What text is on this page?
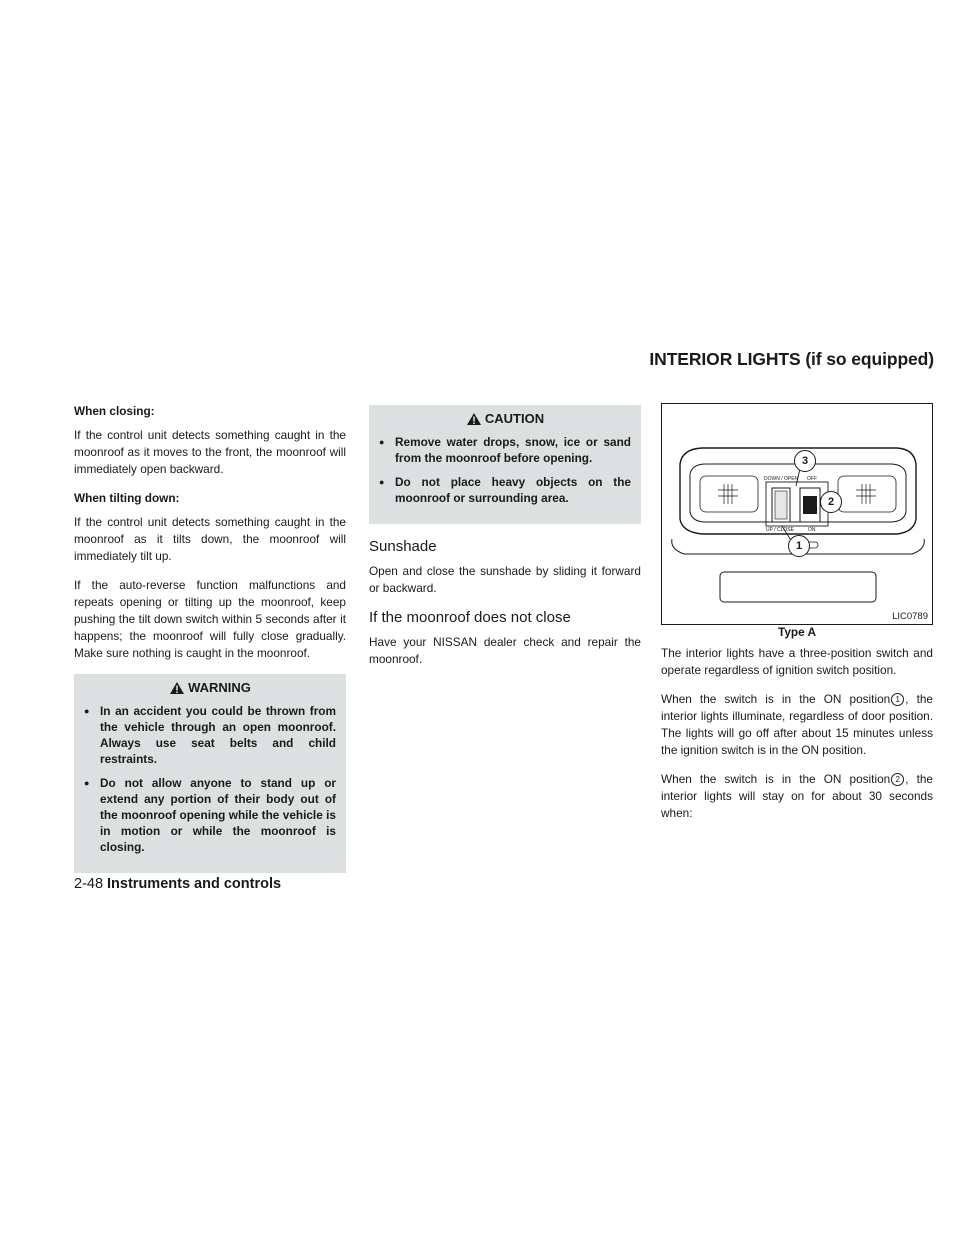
INTERIOR LIGHTS (if so equipped)
When closing:

If the control unit detects something caught in the moonroof as it moves to the front, the moonroof will immediately open backward.

When tilting down:

If the control unit detects something caught in the moonroof as it tilts down, the moonroof will immediately tilt up.

If the auto-reverse function malfunctions and repeats opening or tilting up the moonroof, keep pushing the tilt down switch within 5 seconds after it happens; the moonroof will fully close gradually. Make sure nothing is caught in the moonroof.

WARNING
● In an accident you could be thrown from the vehicle through an open moonroof. Always use seat belts and child restraints.
● Do not allow anyone to stand up or extend any portion of their body out of the moonroof opening while the vehicle is in motion or while the moonroof is closing.
CAUTION
● Remove water drops, snow, ice or sand from the moonroof before opening.
● Do not place heavy objects on the moonroof or surrounding area.
Sunshade

Open and close the sunshade by sliding it forward or backward.

If the moonroof does not close

Have your NISSAN dealer check and repair the moonroof.

DOWN / OPEN
UP / CLOSE
OFF
ON
3
2
1
LIC0789
Type A

The interior lights have a three-position switch and operate regardless of ignition switch position.

When the switch is in the ON position 1 , the interior lights illuminate, regardless of door position. The lights will go off after about 15 minutes unless the ignition switch is in the ON position.

When the switch is in the ON position 2 , the interior lights will stay on for about 30 seconds when:

2-48 Instruments and controls
